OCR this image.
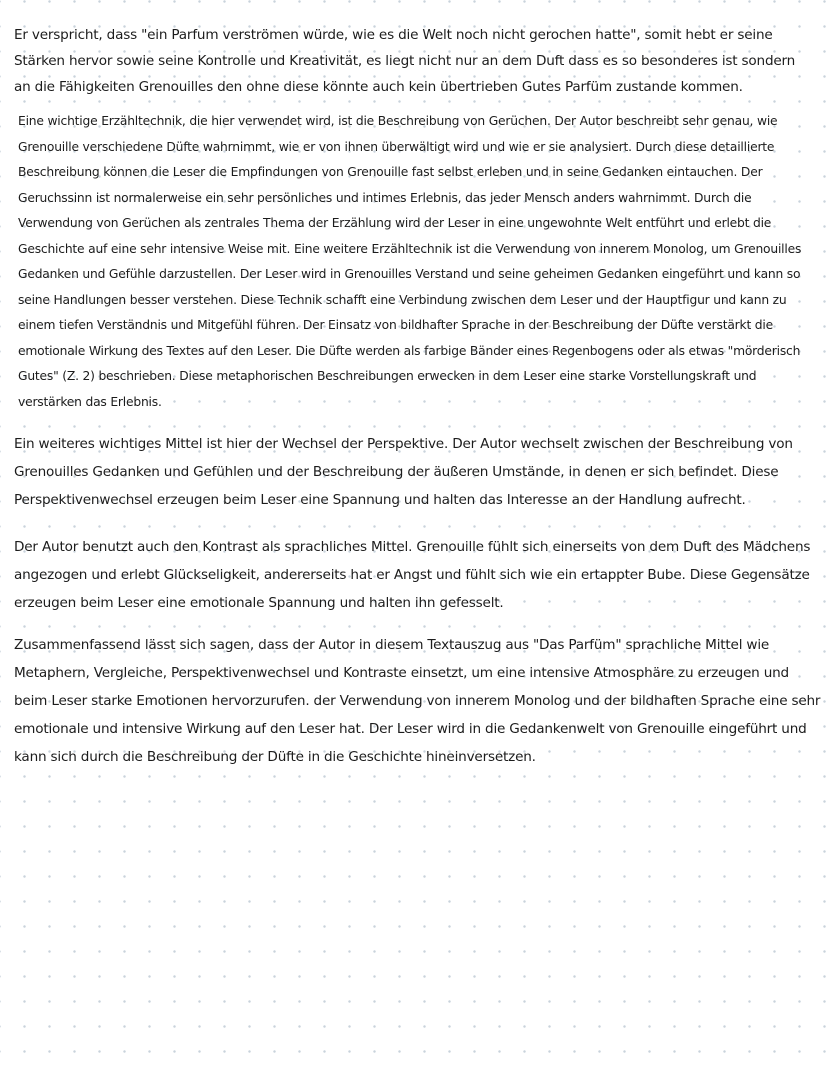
Er verspricht, dass "ein Parfum verströmen würde, wie es die Welt noch nicht gerochen hatte", somit hebt er seine Stärken hervor sowie seine Kontrolle und Kreativität, es liegt nicht nur an dem Duft dass es so besonderes ist sondern an die Fähigkeiten Grenouilles den ohne diese könnte auch kein übertrieben Gutes Parfüm zustande kommen.

Eine wichtige Erzähltechnik, die hier verwendet wird, ist die Beschreibung von Gerüchen. Der Autor beschreibt sehr genau, wie Grenouille verschiedene Düfte wahrnimmt, wie er von ihnen überwältigt wird und wie er sie analysiert. Durch diese detaillierte Beschreibung können die Leser die Empfindungen von Grenouille fast selbst erleben und in seine Gedanken eintauchen. Der Geruchssinn ist normalerweise ein sehr persönliches und intimes Erlebnis, das jeder Mensch anders wahrnimmt. Durch die Verwendung von Gerüchen als zentrales Thema der Erzählung wird der Leser in eine ungewohnte Welt entführt und erlebt die Geschichte auf eine sehr intensive Weise mit. Eine weitere Erzähltechnik ist die Verwendung von innerem Monolog, um Grenouilles Gedanken und Gefühle darzustellen. Der Leser wird in Grenouilles Verstand und seine geheimen Gedanken eingeführt und kann so seine Handlungen besser verstehen. Diese Technik schafft eine Verbindung zwischen dem Leser und der Hauptfigur und kann zu einem tiefen Verständnis und Mitgefühl führen. Der Einsatz von bildhafter Sprache in der Beschreibung der Düfte verstärkt die emotionale Wirkung des Textes auf den Leser. Die Düfte werden als farbige Bänder eines Regenbogens oder als etwas "mörderisch Gutes" (Z. 2) beschrieben. Diese metaphorischen Beschreibungen erwecken in dem Leser eine starke Vorstellungskraft und verstärken das Erlebnis.

Ein weiteres wichtiges Mittel ist hier der Wechsel der Perspektive. Der Autor wechselt zwischen der Beschreibung von Grenouilles Gedanken und Gefühlen und der Beschreibung der äußeren Umstände, in denen er sich befindet. Diese Perspektivenwechsel erzeugen beim Leser eine Spannung und halten das Interesse an der Handlung aufrecht.

Der Autor benutzt auch den Kontrast als sprachliches Mittel. Grenouille fühlt sich einerseits von dem Duft des Mädchens angezogen und erlebt Glückseligkeit, andererseits hat er Angst und fühlt sich wie ein ertappter Bube. Diese Gegensätze erzeugen beim Leser eine emotionale Spannung und halten ihn gefesselt.

Zusammenfassend lässt sich sagen, dass der Autor in diesem Textauszug aus "Das Parfüm" sprachliche Mittel wie Metaphern, Vergleiche, Perspektivenwechsel und Kontraste einsetzt, um eine intensive Atmosphäre zu erzeugen und beim Leser starke Emotionen hervorzurufen. der Verwendung von innerem Monolog und der bildhaften Sprache eine sehr emotionale und intensive Wirkung auf den Leser hat. Der Leser wird in die Gedankenwelt von Grenouille eingeführt und kann sich durch die Beschreibung der Düfte in die Geschichte hineinversetzen.
